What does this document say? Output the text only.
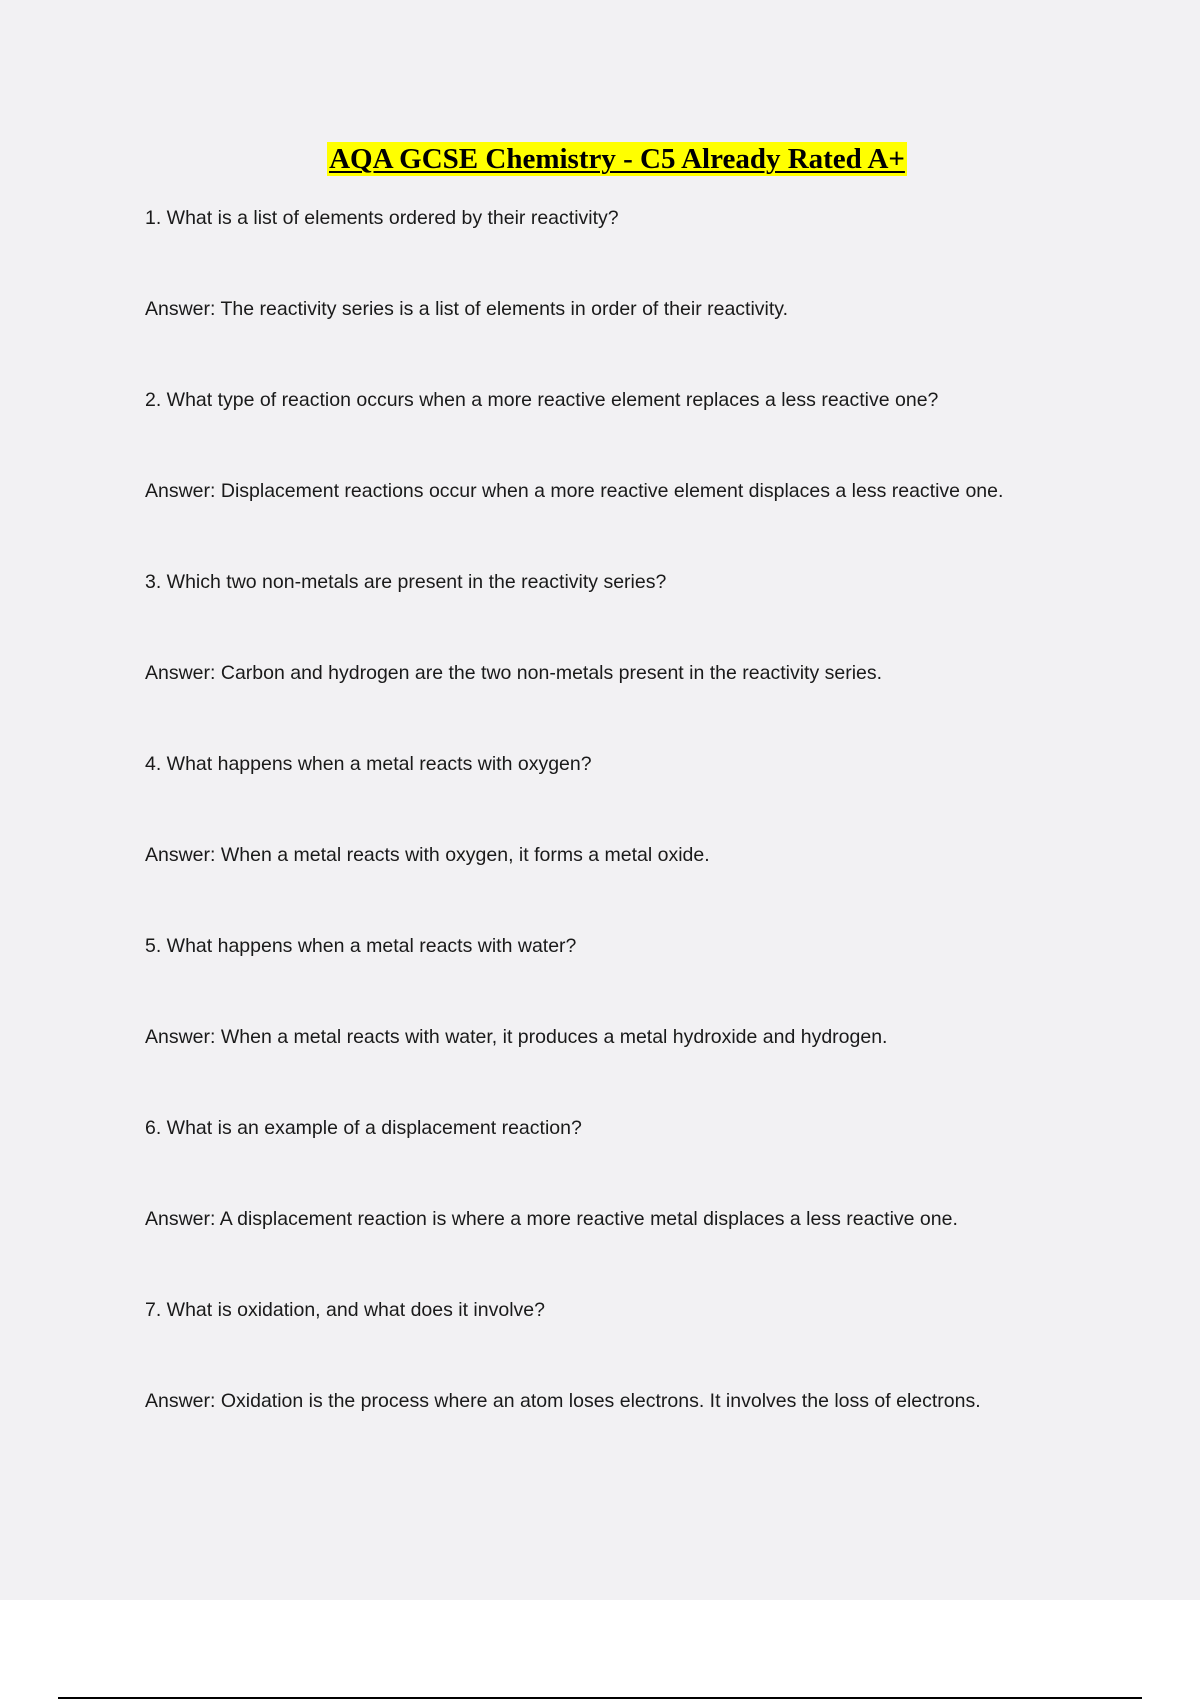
AQA GCSE Chemistry - C5 Already Rated A+
1. What is a list of elements ordered by their reactivity?
Answer: The reactivity series is a list of elements in order of their reactivity.
2. What type of reaction occurs when a more reactive element replaces a less reactive one?
Answer: Displacement reactions occur when a more reactive element displaces a less reactive one.
3. Which two non-metals are present in the reactivity series?
Answer: Carbon and hydrogen are the two non-metals present in the reactivity series.
4. What happens when a metal reacts with oxygen?
Answer: When a metal reacts with oxygen, it forms a metal oxide.
5. What happens when a metal reacts with water?
Answer: When a metal reacts with water, it produces a metal hydroxide and hydrogen.
6. What is an example of a displacement reaction?
Answer: A displacement reaction is where a more reactive metal displaces a less reactive one.
7. What is oxidation, and what does it involve?
Answer: Oxidation is the process where an atom loses electrons. It involves the loss of electrons.
